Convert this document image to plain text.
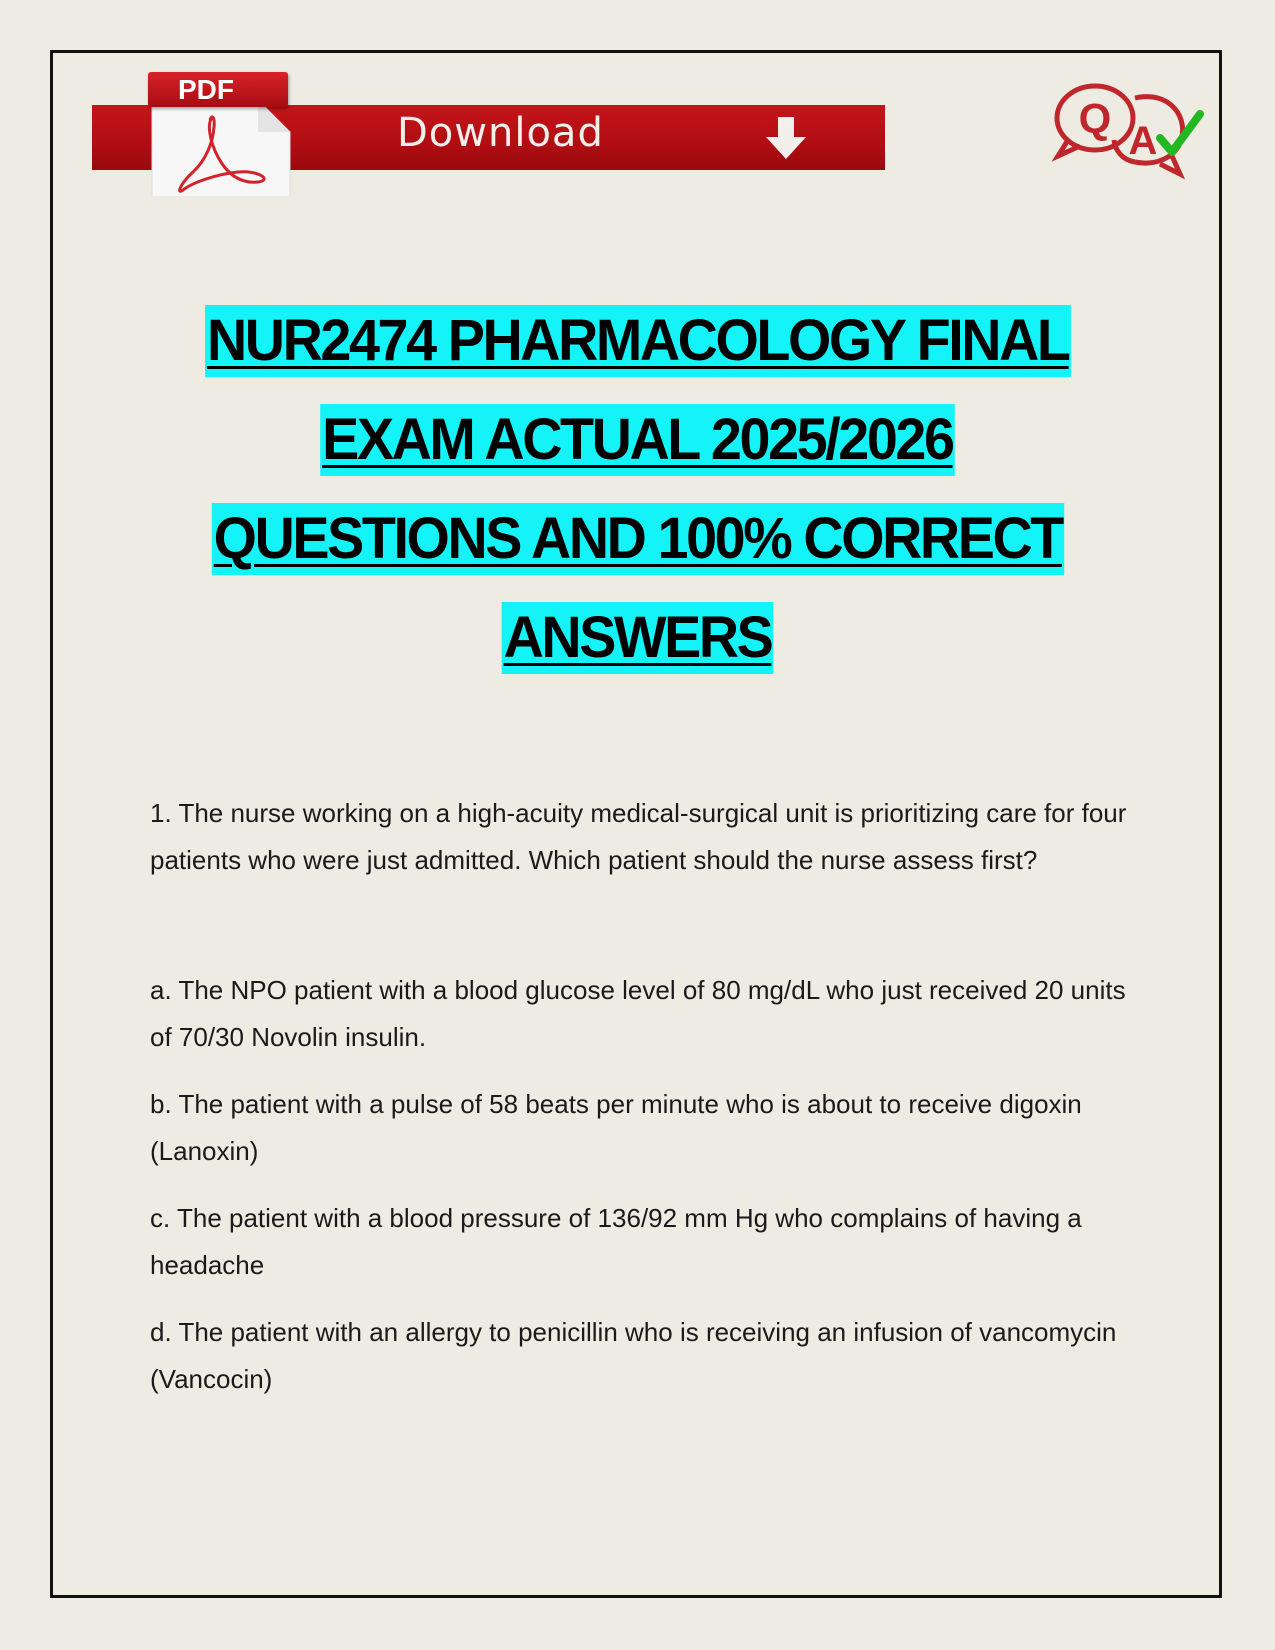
PDF
Download	Q A
NUR2474 PHARMACOLOGY FINAL
EXAM ACTUAL 2025/2026
QUESTIONS AND 100% CORRECT
ANSWERS

1. The nurse working on a high-acuity medical-surgical unit is prioritizing care for four patients who were just admitted. Which patient should the nurse assess first?

a. The NPO patient with a blood glucose level of 80 mg/dL who just received 20 units of 70/30 Novolin insulin.

b. The patient with a pulse of 58 beats per minute who is about to receive digoxin (Lanoxin)

c. The patient with a blood pressure of 136/92 mm Hg who complains of having a headache

d. The patient with an allergy to penicillin who is receiving an infusion of vancomycin (Vancocin)
